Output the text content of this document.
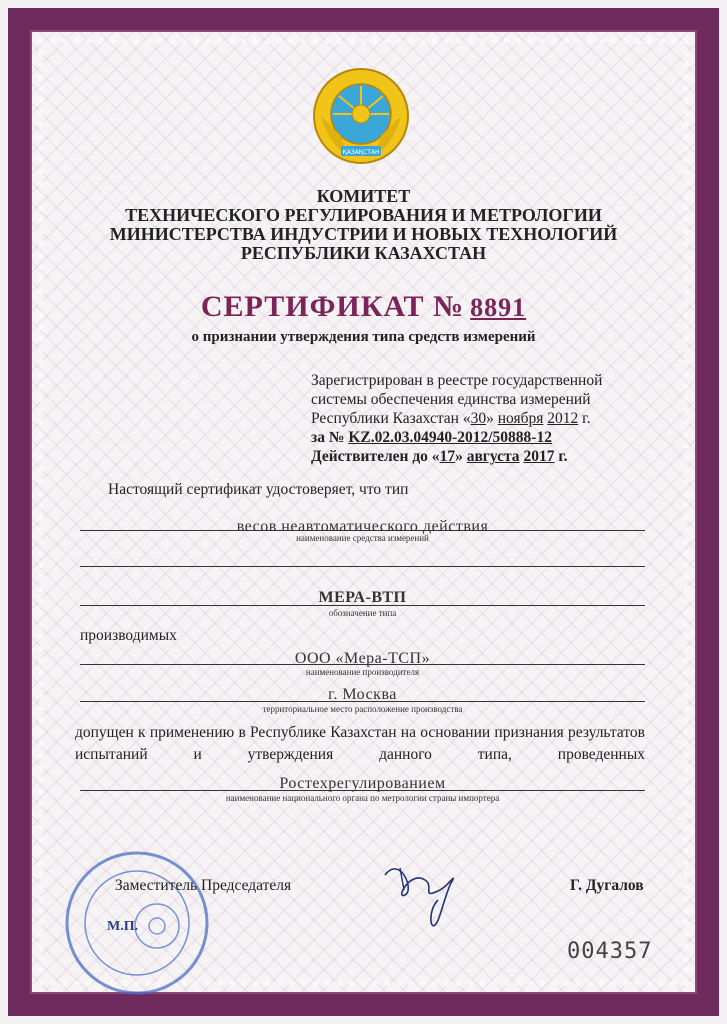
ҚАЗАҚСТАН
КОМИТЕТ
ТЕХНИЧЕСКОГО РЕГУЛИРОВАНИЯ И МЕТРОЛОГИИ
МИНИСТЕРСТВА ИНДУСТРИИ И НОВЫХ ТЕХНОЛОГИЙ
РЕСПУБЛИКИ КАЗАХСТАН
СЕРТИФИКАТ № 8891
о признании утверждения типа средств измерений
Зарегистрирован в реестре государственной
системы обеспечения единства измерений
Республики Казахстан «30» ноября 2012 г.
за № KZ.02.03.04940-2012/50888-12
Действителен до «17» августа 2017 г.
Настоящий сертификат удостоверяет, что тип
весов неавтоматического действия
наименование средства измерений
МЕРА-ВТП
обозначение типа
производимых
ООО «Мера-ТСП»
наименование производителя
г. Москва
территориальное место расположение производства
допущен к применению в Республике Казахстан на основании признания результатов испытаний и утверждения данного типа, проведенных
Ростехрегулированием
наименование национального органа по метрологии страны импортера
М.П.
Заместитель Председателя	Г. Дугалов
004357
